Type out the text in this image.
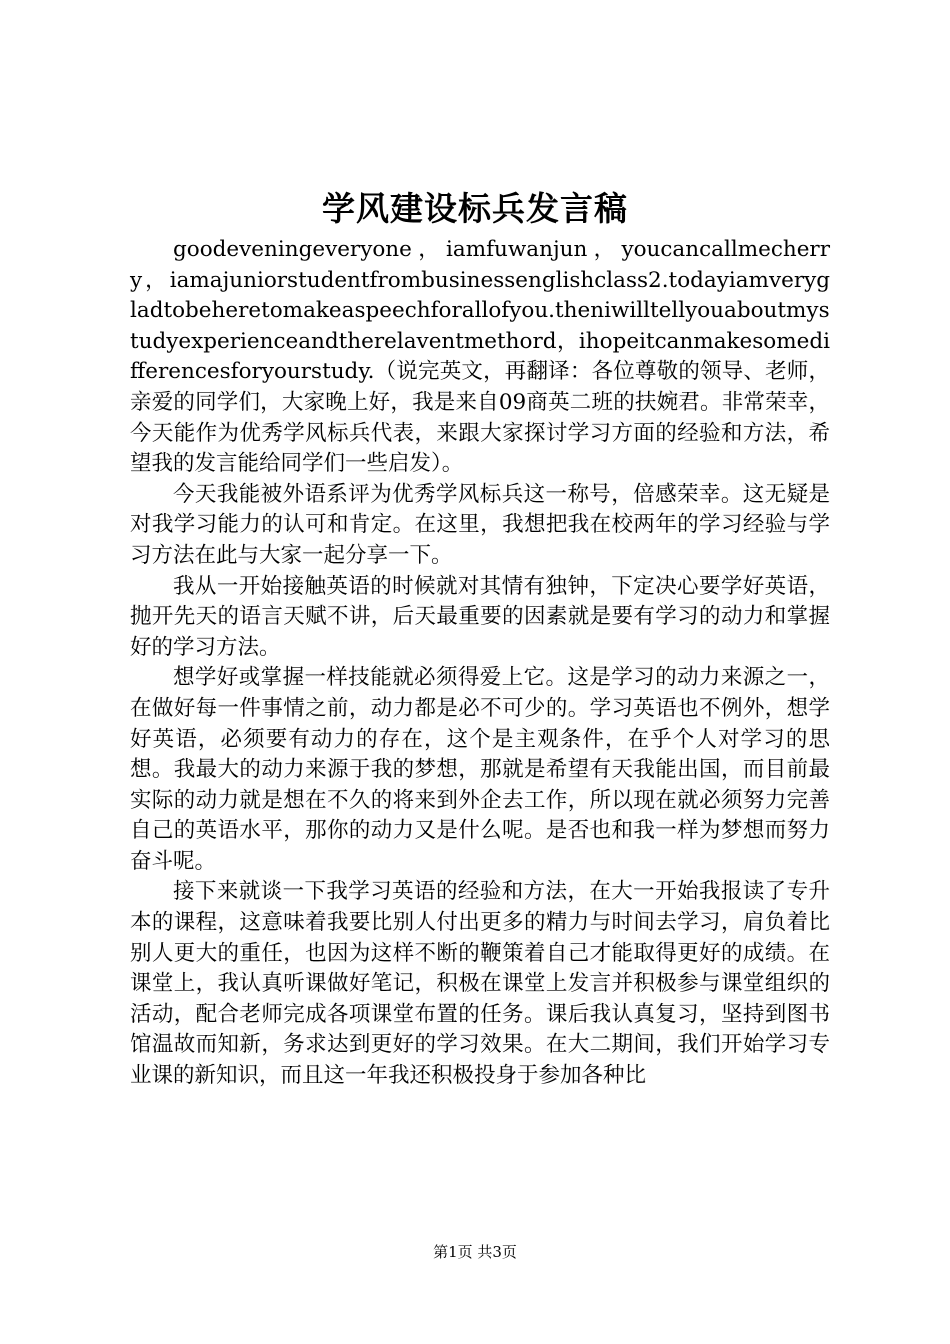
学风建设标兵发言稿

goodeveningeveryone，iamfuwanjun，youcancallmecherry，iamajuniorstudentfrombusinessenglishclass2.todayiamverygladtobeheretomakeaspeechforallofyou.theniwilltellyouaboutmystudyexperienceandtherelaventmethord，ihopeitcanmakesomedifferencesforyourstudy.（说完英文，再翻译：各位尊敬的领导、老师，亲爱的同学们，大家晚上好，我是来自09商英二班的扶婉君。非常荣幸，今天能作为优秀学风标兵代表，来跟大家探讨学习方面的经验和方法，希望我的发言能给同学们一些启发）。

今天我能被外语系评为优秀学风标兵这一称号，倍感荣幸。这无疑是对我学习能力的认可和肯定。在这里，我想把我在校两年的学习经验与学习方法在此与大家一起分享一下。

我从一开始接触英语的时候就对其情有独钟，下定决心要学好英语，抛开先天的语言天赋不讲，后天最重要的因素就是要有学习的动力和掌握好的学习方法。

想学好或掌握一样技能就必须得爱上它。这是学习的动力来源之一，在做好每一件事情之前，动力都是必不可少的。学习英语也不例外，想学好英语，必须要有动力的存在，这个是主观条件，在乎个人对学习的思想。我最大的动力来源于我的梦想，那就是希望有天我能出国，而目前最实际的动力就是想在不久的将来到外企去工作，所以现在就必须努力完善自己的英语水平，那你的动力又是什么呢。是否也和我一样为梦想而努力奋斗呢。

接下来就谈一下我学习英语的经验和方法，在大一开始我报读了专升本的课程，这意味着我要比别人付出更多的精力与时间去学习，肩负着比别人更大的重任，也因为这样不断的鞭策着自己才能取得更好的成绩。在课堂上，我认真听课做好笔记，积极在课堂上发言并积极参与课堂组织的活动，配合老师完成各项课堂布置的任务。课后我认真复习，坚持到图书馆温故而知新，务求达到更好的学习效果。在大二期间，我们开始学习专业课的新知识，而且这一年我还积极投身于参加各种比

第1页 共3页
